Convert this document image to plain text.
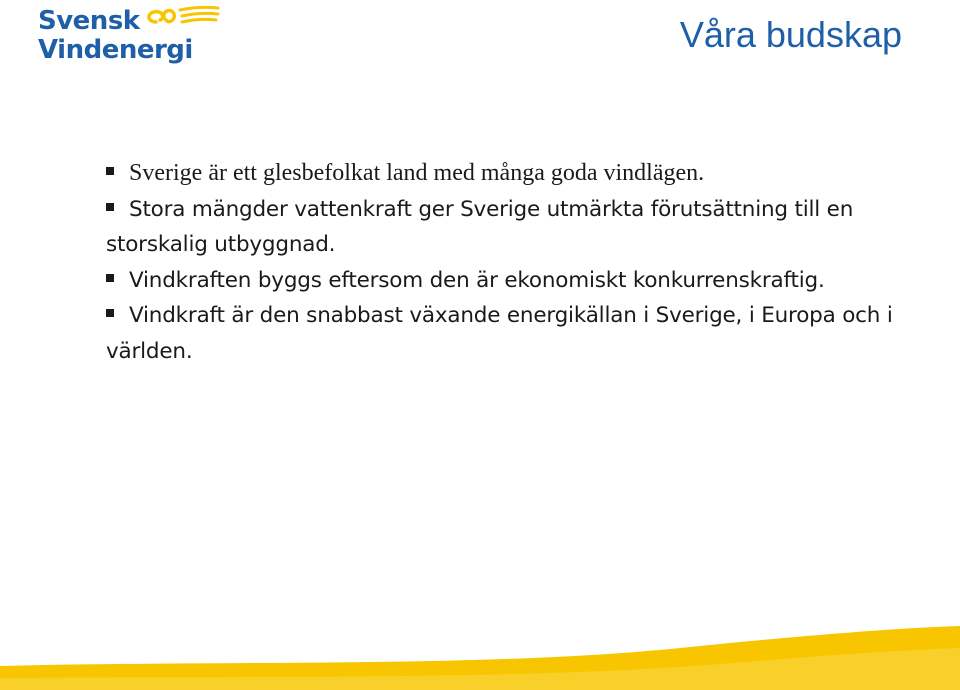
Svensk
Vindenergi	Våra budskap
Sverige är ett glesbefolkat land med många goda vindlägen.
Stora mängder vattenkraft ger Sverige utmärkta förutsättning till en storskalig utbyggnad.
Vindkraften byggs eftersom den är ekonomiskt konkurrenskraftig.
Vindkraft är den snabbast växande energikällan i Sverige, i Europa och i världen.
